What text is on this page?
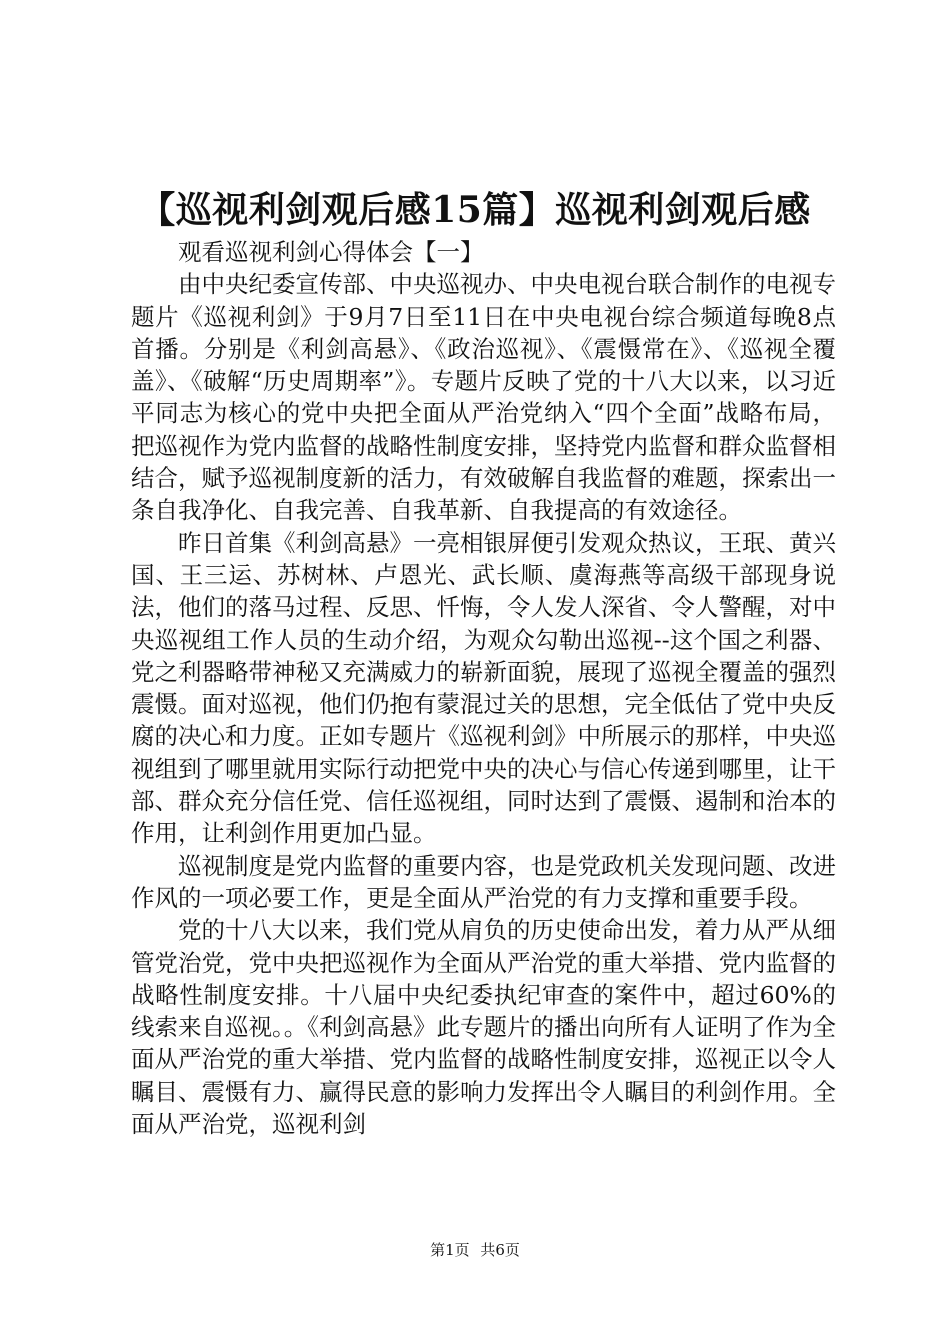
【巡视利剑观后感15篇】巡视利剑观后感
观看巡视利剑心得体会【一】

由中央纪委宣传部、中央巡视办、中央电视台联合制作的电视专题片《巡视利剑》于9月7日至11日在中央电视台综合频道每晚8点首播。分别是《利剑高悬》、《政治巡视》、《震慑常在》、《巡视全覆盖》、《破解“历史周期率”》。专题片反映了党的十八大以来，以习近平同志为核心的党中央把全面从严治党纳入“四个全面”战略布局，把巡视作为党内监督的战略性制度安排，坚持党内监督和群众监督相结合，赋予巡视制度新的活力，有效破解自我监督的难题，探索出一条自我净化、自我完善、自我革新、自我提高的有效途径。

昨日首集《利剑高悬》一亮相银屏便引发观众热议，王珉、黄兴国、王三运、苏树林、卢恩光、武长顺、虞海燕等高级干部现身说法，他们的落马过程、反思、忏悔，令人发人深省、令人警醒，对中央巡视组工作人员的生动介绍，为观众勾勒出巡视--这个国之利器、党之利器略带神秘又充满威力的崭新面貌，展现了巡视全覆盖的强烈震慑。面对巡视，他们仍抱有蒙混过关的思想，完全低估了党中央反腐的决心和力度。正如专题片《巡视利剑》中所展示的那样，中央巡视组到了哪里就用实际行动把党中央的决心与信心传递到哪里，让干部、群众充分信任党、信任巡视组，同时达到了震慑、遏制和治本的作用，让利剑作用更加凸显。

巡视制度是党内监督的重要内容，也是党政机关发现问题、改进作风的一项必要工作，更是全面从严治党的有力支撑和重要手段。

党的十八大以来，我们党从肩负的历史使命出发，着力从严从细管党治党，党中央把巡视作为全面从严治党的重大举措、党内监督的战略性制度安排。十八届中央纪委执纪审查的案件中，超过60%的线索来自巡视。。《利剑高悬》此专题片的播出向所有人证明了作为全面从严治党的重大举措、党内监督的战略性制度安排，巡视正以令人瞩目、震慑有力、赢得民意的影响力发挥出令人瞩目的利剑作用。全面从严治党，巡视利剑

第1页 共6页
